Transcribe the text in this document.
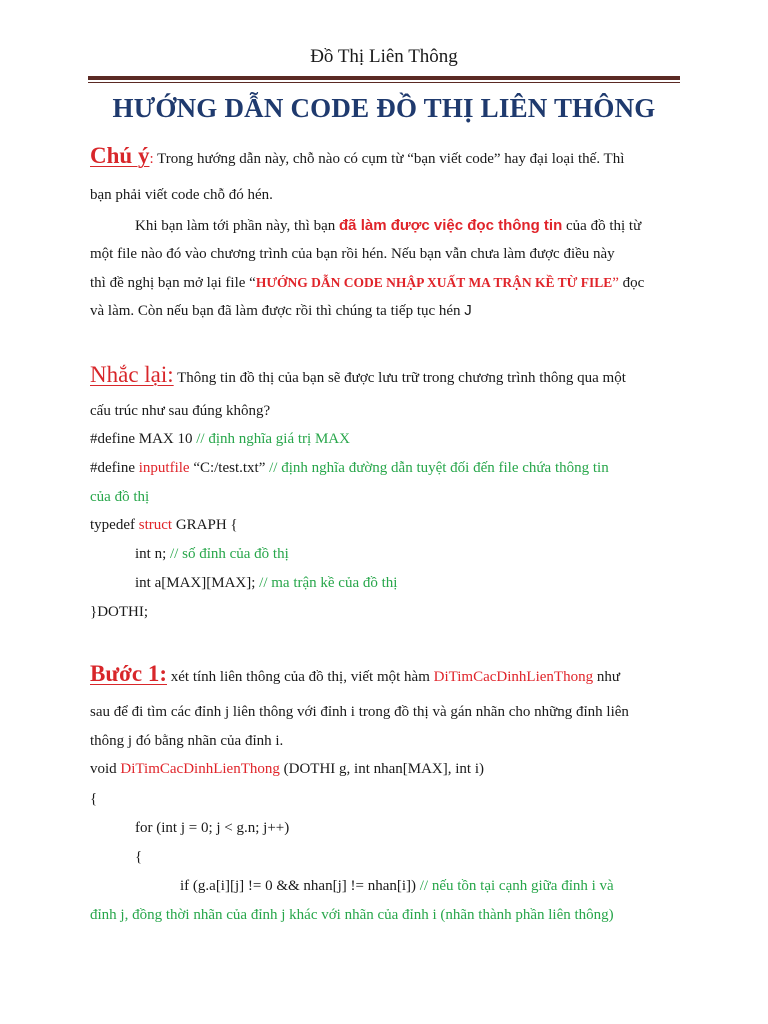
Đồ Thị Liên Thông
HƯỚNG DẪN CODE ĐỒ THỊ LIÊN THÔNG
Chú ý: Trong hướng dẫn này, chỗ nào có cụm từ “bạn viết code” hay đại loại thế. Thì
bạn phải viết code chỗ đó hén.
Khi bạn làm tới phần này, thì bạn đã làm được việc đọc thông tin của đồ thị từ
một file nào đó vào chương trình của bạn rồi hén. Nếu bạn vẫn chưa làm được điều này
thì đề nghị bạn mở lại file “HƯỚNG DẪN CODE NHẬP XUẤT MA TRẬN KỀ TỪ FILE” đọc
và làm. Còn nếu bạn đã làm được rồi thì chúng ta tiếp tục hén J
Nhắc lại: Thông tin đồ thị của bạn sẽ được lưu trữ trong chương trình thông qua một
cấu trúc như sau đúng không?
#define MAX 10 // định nghĩa giá trị MAX
#define inputfile “C:/test.txt” // định nghĩa đường dẫn tuyệt đối đến file chứa thông tin
của đồ thị
typedef struct GRAPH {
int n; // số đỉnh của đồ thị
int a[MAX][MAX]; // ma trận kề của đồ thị
}DOTHI;
Bước 1: xét tính liên thông của đồ thị, viết một hàm DiTimCacDinhLienThong như
sau để đi tìm các đỉnh j liên thông với đỉnh i trong đồ thị và gán nhãn cho những đỉnh liên
thông j đó bằng nhãn của đỉnh i.
void DiTimCacDinhLienThong (DOTHI g, int nhan[MAX], int i)
{
for (int j = 0; j < g.n; j++)
{
if (g.a[i][j] != 0 && nhan[j] != nhan[i]) // nếu tồn tại cạnh giữa đỉnh i và
đỉnh j, đồng thời nhãn của đỉnh j khác với nhãn của đỉnh i (nhãn thành phần liên thông)
